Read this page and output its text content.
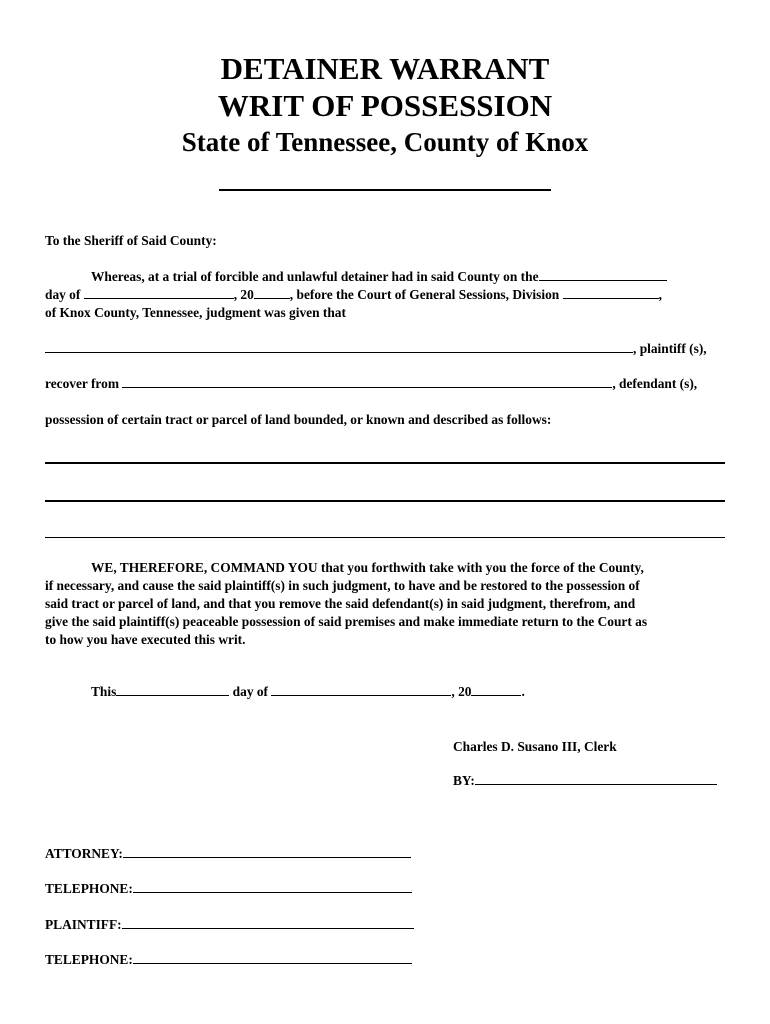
DETAINER WARRANT
WRIT OF POSSESSION
State of Tennessee, County of Knox
To the Sheriff of Said County:
Whereas, at a trial of forcible and unlawful detainer had in said County on the
day of	, 20	, before the Court of General Sessions, Division	,
of Knox County, Tennessee, judgment was given that
, plaintiff (s),
recover from	, defendant (s),
possession of certain tract or parcel of land bounded, or known and described as follows:
WE, THEREFORE, COMMAND YOU that you forthwith take with you the force of the County,
if necessary, and cause the said plaintiff(s) in such judgment, to have and be restored to the possession of
said tract or parcel of land, and that you remove the said defendant(s) in said judgment, therefrom, and
give the said plaintiff(s) peaceable possession of said premises and make immediate return to the Court as
to how you have executed this writ.
This	day of	, 20	.
Charles D. Susano III, Clerk
BY:
ATTORNEY:
TELEPHONE:
PLAINTIFF:
TELEPHONE:
